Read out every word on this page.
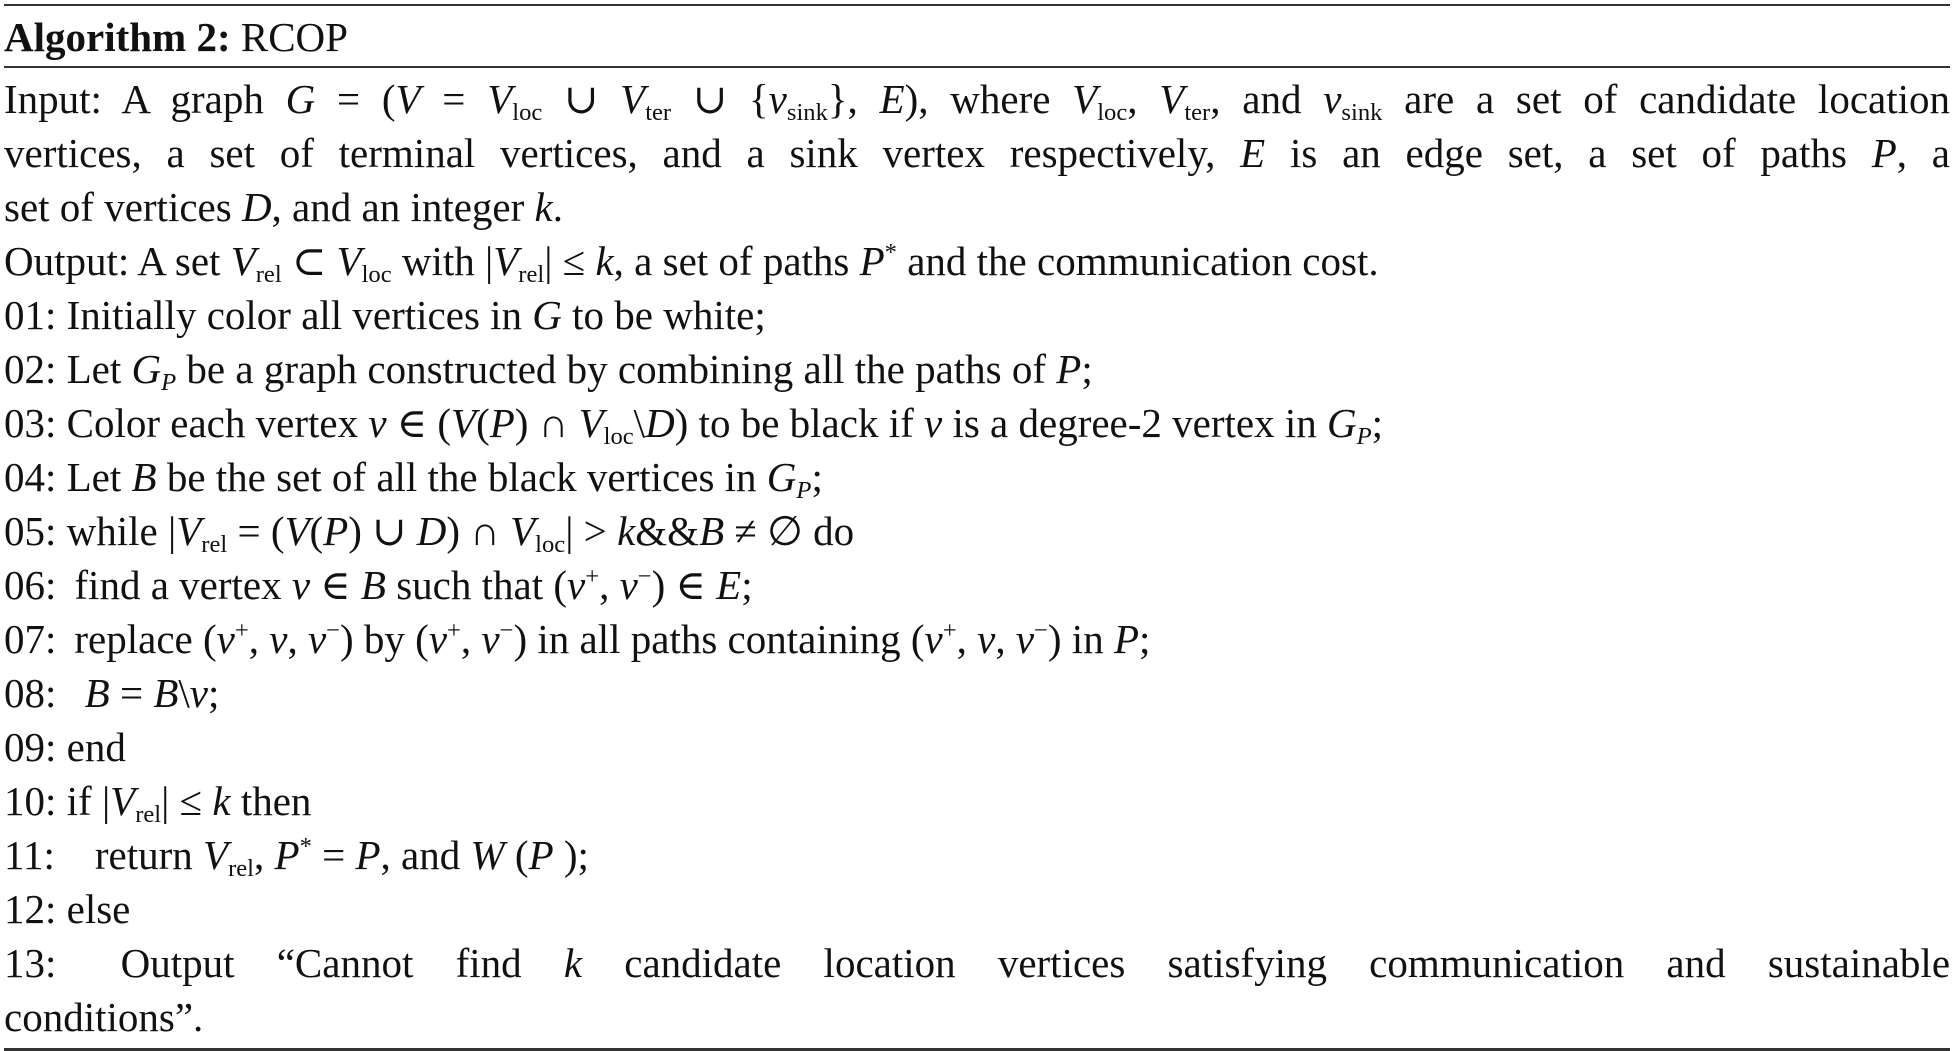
Algorithm 2: RCOP
Input: A graph G = (V = Vloc ∪ Vter ∪ {vsink}, E), where Vloc, Vter, and vsink are a set of candidate location
vertices, a set of terminal vertices, and a sink vertex respectively, E is an edge set, a set of paths P, a
set of vertices D, and an integer k.
Output: A set Vrel ⊂ Vloc with |Vrel| ≤ k, a set of paths P* and the communication cost.
01: Initially color all vertices in G to be white;
02: Let GP be a graph constructed by combining all the paths of P;
03: Color each vertex v ∈ (V(P) ∩ Vloc\D) to be black if v is a degree-2 vertex in GP;
04: Let B be the set of all the black vertices in GP;
05: while |Vrel = (V(P) ∪ D) ∩ Vloc| > k&&B ≠ ∅ do
06: find a vertex v ∈ B such that (v+, v−) ∈ E;
07: replace (v+, v, v−) by (v+, v−) in all paths containing (v+, v, v−) in P;
08: B = B\v;
09: end
10: if |Vrel| ≤ k then
11: return Vrel, P* = P, and W (P );
12: else
13: Output “Cannot find k candidate location vertices satisfying communication and sustainable
conditions”.
